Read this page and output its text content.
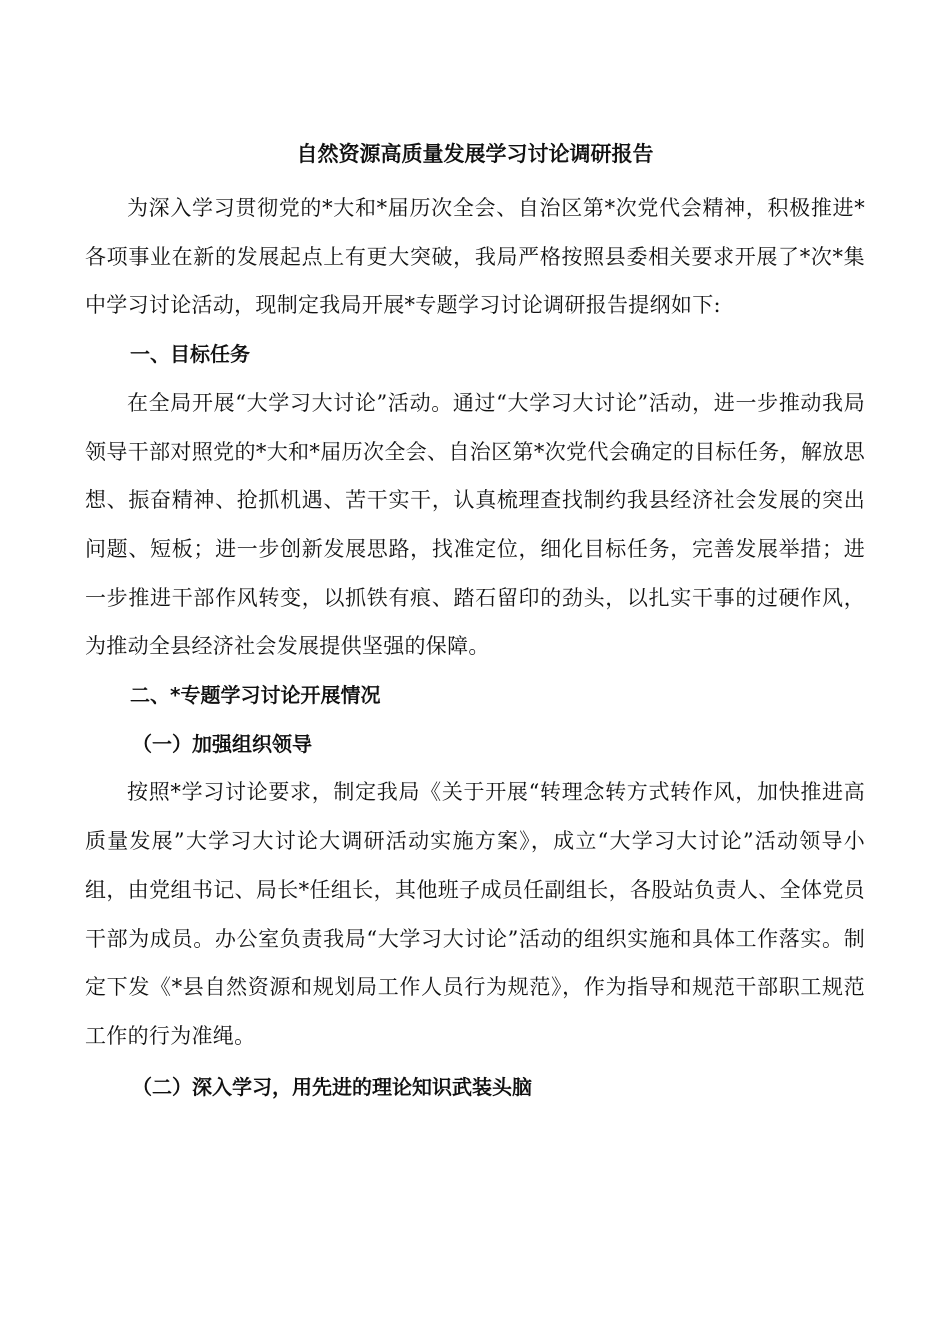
自然资源高质量发展学习讨论调研报告

为深入学习贯彻党的*大和*届历次全会、自治区第*次党代会精神，积极推进*各项事业在新的发展起点上有更大突破，我局严格按照县委相关要求开展了*次*集中学习讨论活动，现制定我局开展*专题学习讨论调研报告提纲如下:

一、目标任务

在全局开展“大学习大讨论”活动。通过“大学习大讨论”活动，进一步推动我局领导干部对照党的*大和*届历次全会、自治区第*次党代会确定的目标任务，解放思想、振奋精神、抢抓机遇、苦干实干，认真梳理查找制约我县经济社会发展的突出问题、短板；进一步创新发展思路，找准定位，细化目标任务，完善发展举措；进一步推进干部作风转变，以抓铁有痕、踏石留印的劲头，以扎实干事的过硬作风，为推动全县经济社会发展提供坚强的保障。

二、*专题学习讨论开展情况
（一）加强组织领导

按照*学习讨论要求，制定我局《关于开展“转理念转方式转作风，加快推进高质量发展”大学习大讨论大调研活动实施方案》，成立“大学习大讨论”活动领导小组，由党组书记、局长*任组长，其他班子成员任副组长，各股站负责人、全体党员干部为成员。办公室负责我局“大学习大讨论”活动的组织实施和具体工作落实。制定下发《*县自然资源和规划局工作人员行为规范》，作为指导和规范干部职工规范工作的行为准绳。

（二）深入学习，用先进的理论知识武装头脑
